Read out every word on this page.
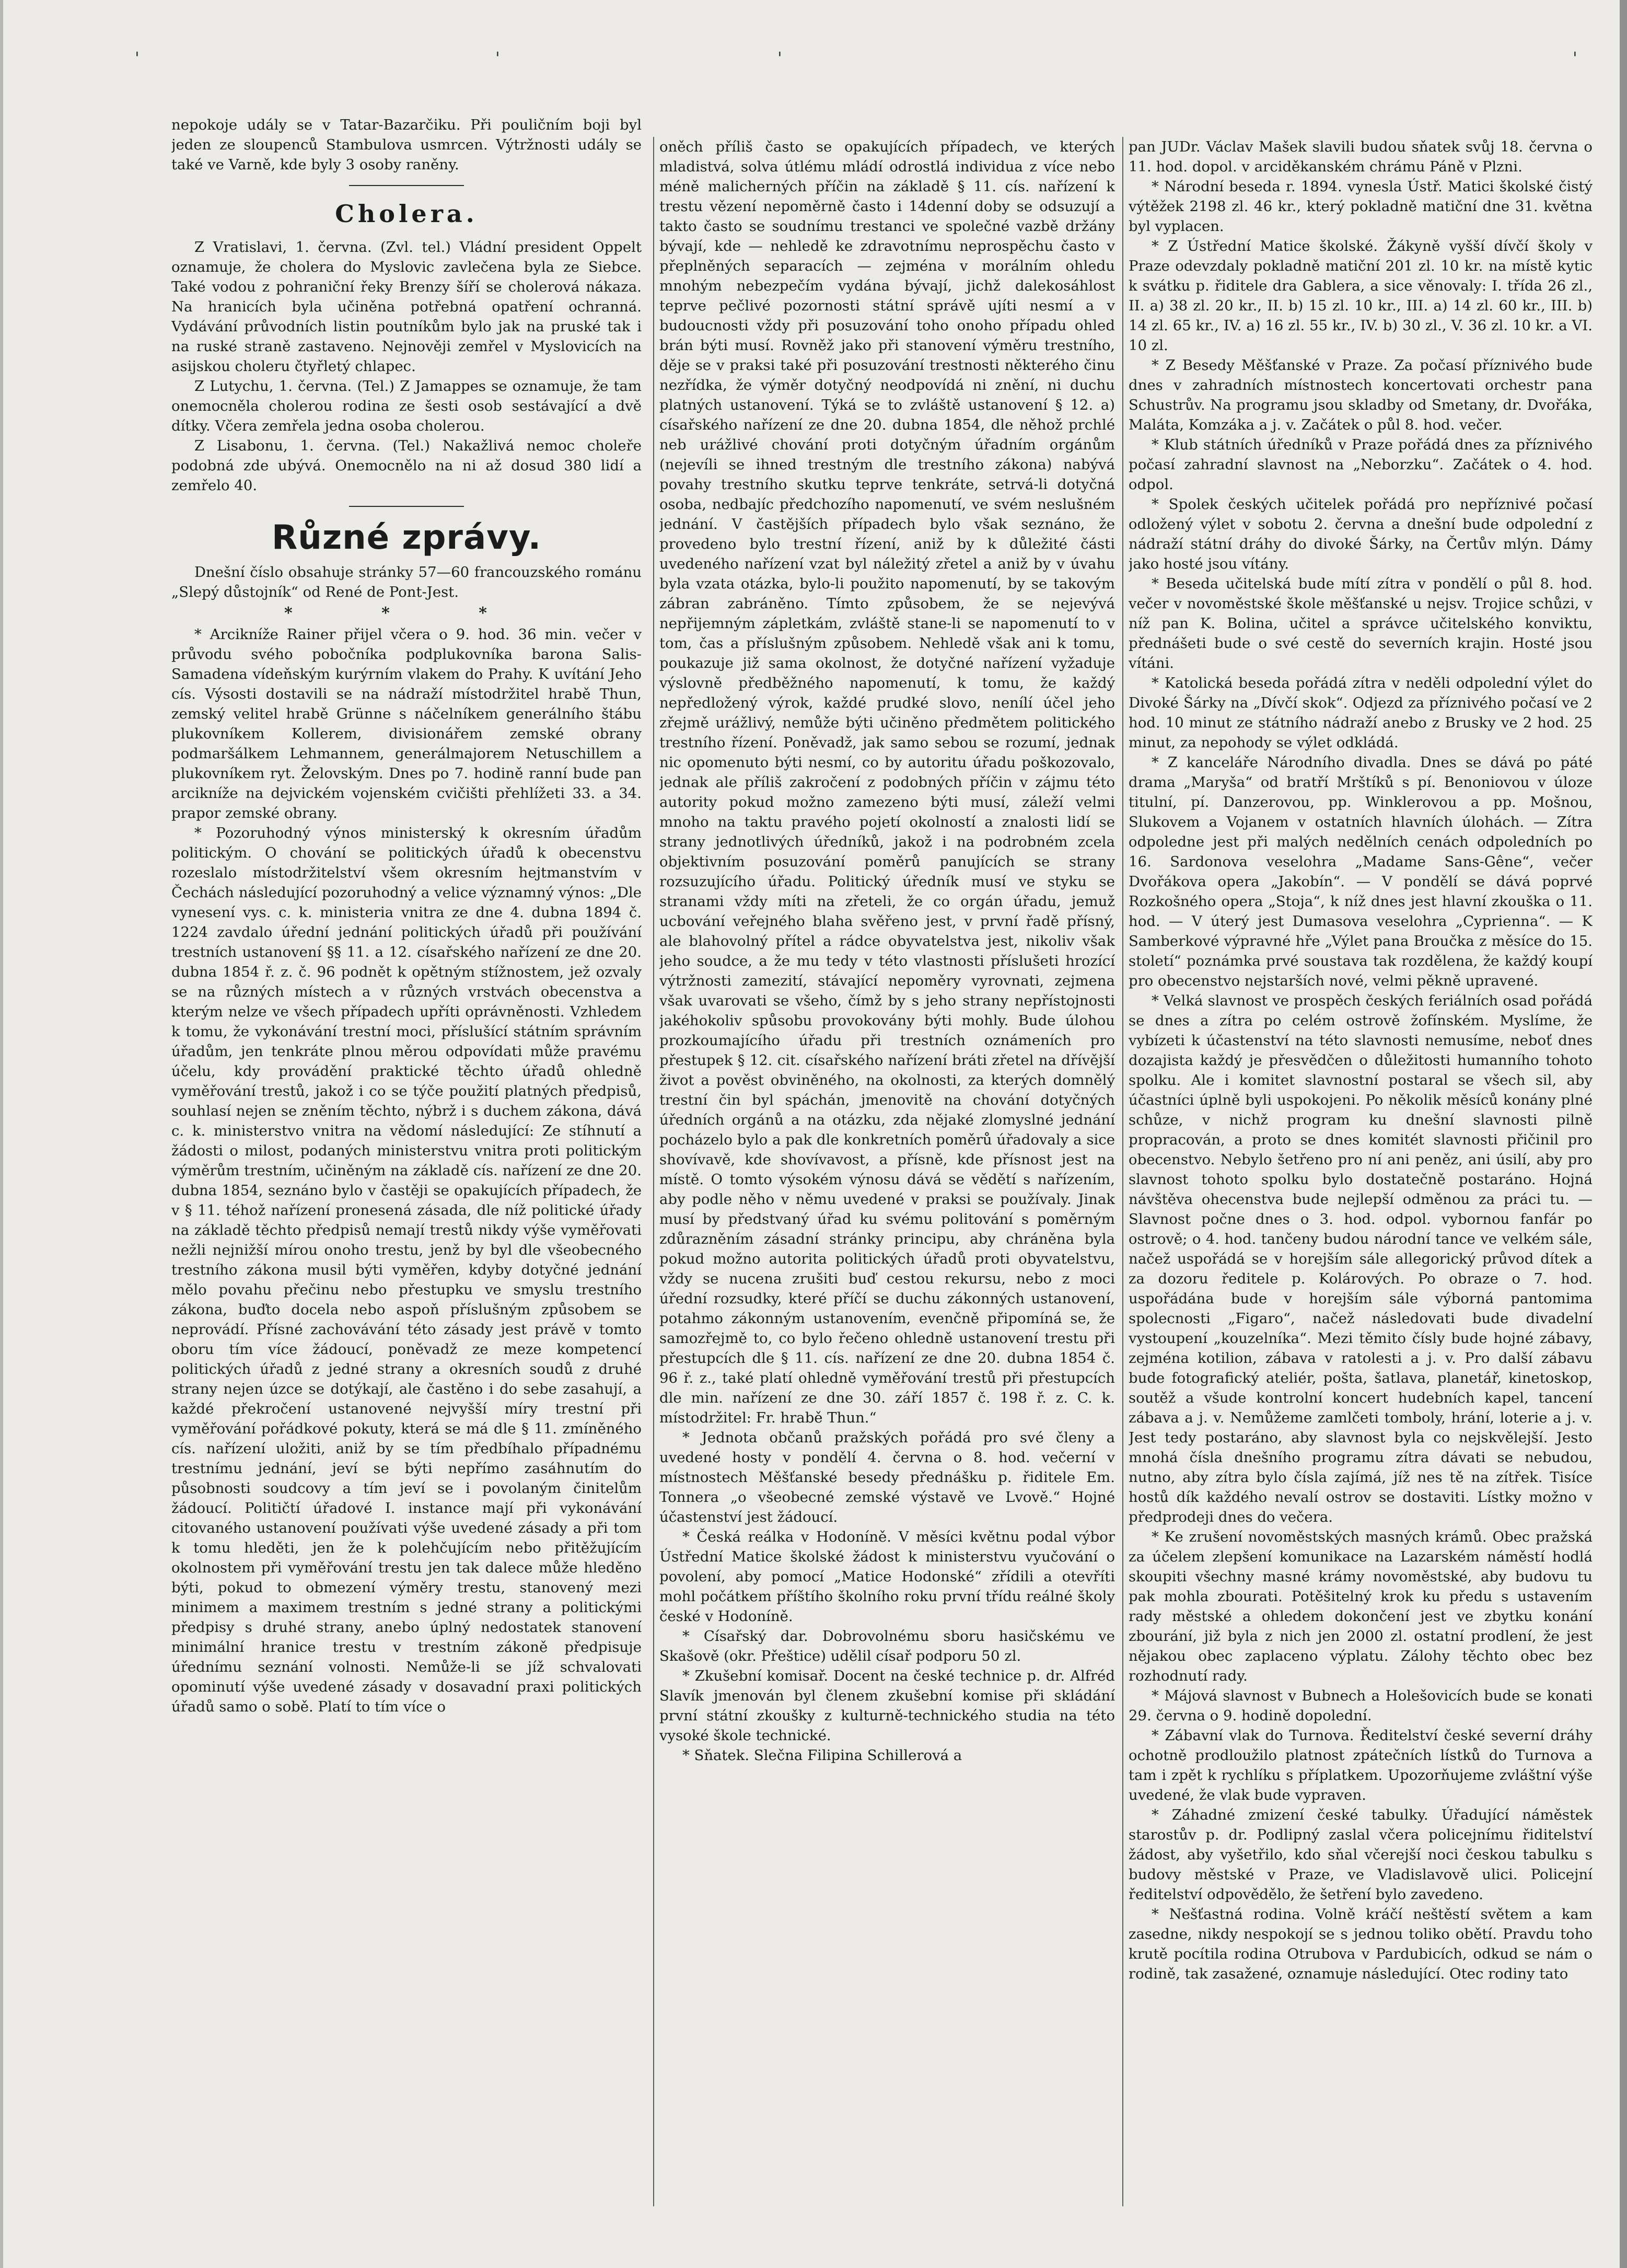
'	'	'	'

nepokoje udály se v Tatar-Bazarčiku. Při pouličním boji byl jeden ze sloupenců Stambulova usmrcen. Výtržnosti udály se také ve Varně, kde byly 3 osoby raněny.

Cholera.

Z Vratislavi, 1. června. (Zvl. tel.) Vládní president Oppelt oznamuje, že cholera do Myslovic zavlečena byla ze Siebce. Také vodou z pohraniční řeky Brenzy šíří se cholerová nákaza. Na hranicích byla učiněna potřebná opatření ochranná. Vydávání průvodních listin poutníkům bylo jak na pruské tak i na ruské straně zastaveno. Nejnověji zemřel v Myslovicích na asijskou choleru čtyřletý chlapec.

Z Lutychu, 1. června. (Tel.) Z Jamappes se oznamuje, že tam onemocněla cholerou rodina ze šesti osob sestávající a dvě dítky. Včera zemřela jedna osoba cholerou.

Z Lisabonu, 1. června. (Tel.) Nakažlivá nemoc choleře podobná zde ubývá. Onemocnělo na ni až dosud 380 lidí a zemřelo 40.

Různé zprávy.

Dnešní číslo obsahuje stránky 57—60 francouzského románu „Slepý důstojník“ od René de Pont-Jest.

* * *

* Arcikníže Rainer přijel včera o 9. hod. 36 min. večer v průvodu svého pobočníka podplukovníka barona Salis-Samadena vídeňským kurýrním vlakem do Prahy. K uvítání Jeho cís. Výsosti dostavili se na nádraží místodržitel hrabě Thun, zemský velitel hrabě Grünne s náčelníkem generálního štábu plukovníkem Kollerem, divisionářem zemské obrany podmaršálkem Lehmannem, generálmajorem Netuschillem a plukovníkem ryt. Želovským. Dnes po 7. hodině ranní bude pan arcikníže na dejvickém vojenském cvičišti přehlížeti 33. a 34. prapor zemské obrany.

* Pozoruhodný výnos ministerský k okresním úřadům politickým. O chování se politických úřadů k obecenstvu rozeslalo místodržitelství všem okresním hejtmanstvím v Čechách následující pozoruhodný a velice významný výnos: „Dle vynesení vys. c. k. ministeria vnitra ze dne 4. dubna 1894 č. 1224 zavdalo úřední jednání politických úřadů při používání trestních ustanovení §§ 11. a 12. císařského nařízení ze dne 20. dubna 1854 ř. z. č. 96 podnět k opětným stížnostem, jež ozvaly se na různých místech a v různých vrstvách obecenstva a kterým nelze ve všech případech upříti oprávněnosti. Vzhledem k tomu, že vykonávání trestní moci, příslušící státním správním úřadům, jen tenkráte plnou měrou odpovídati může pravému účelu, kdy provádění praktické těchto úřadů ohledně vyměřování trestů, jakož i co se týče použití platných předpisů, souhlasí nejen se zněním těchto, nýbrž i s duchem zákona, dává c. k. ministerstvo vnitra na vědomí následující: Ze stíhnutí a žádosti o milost, podaných ministerstvu vnitra proti politickým výměrům trestním, učiněným na základě cís. nařízení ze dne 20. dubna 1854, seznáno bylo v častěji se opakujících případech, že v § 11. téhož nařízení pronesená zásada, dle níž politické úřady na základě těchto předpisů nemají trestů nikdy výše vyměřovati nežli nejnižší mírou onoho trestu, jenž by byl dle všeobecného trestního zákona musil býti vyměřen, kdyby dotyčné jednání mělo povahu přečinu nebo přestupku ve smyslu trestního zákona, buďto docela nebo aspoň příslušným způsobem se neprovádí. Přísné zachovávání této zásady jest právě v tomto oboru tím více žádoucí, poněvadž ze meze kompetencí politických úřadů z jedné strany a okresních soudů z druhé strany nejen úzce se dotýkají, ale častěno i do sebe zasahují, a každé překročení ustanovené nejvyšší míry trestní při vyměřování pořádkové pokuty, která se má dle § 11. zmíněného cís. nařízení uložiti, aniž by se tím předbíhalo případnému trestnímu jednání, jeví se býti nepřímo zasáhnutím do působnosti soudcovy a tím jeví se i povolaným činitelům žádoucí. Političtí úřadové I. instance mají při vykonávání citovaného ustanovení používati výše uvedené zásady a při tom k tomu hleděti, jen že k polehčujícím nebo přitěžujícím okolnostem při vyměřování trestu jen tak dalece může hleděno býti, pokud to obmezení výměry trestu, stanovený mezi minimem a maximem trestním s jedné strany a politickými předpisy s druhé strany, anebo úplný nedostatek stanovení minimální hranice trestu v trestním zákoně předpisuje úřednímu seznání volnosti. Nemůže-li se jíž schvalovati opominutí výše uvedené zásady v dosavadní praxi politických úřadů samo o sobě. Platí to tím více o

oněch příliš často se opakujících případech, ve kterých mladistvá, solva útlému mládí odrostlá individua z více nebo méně malicherných příčin na základě § 11. cís. nařízení k trestu vězení nepoměrně často i 14denní doby se odsuzují a takto často se soudnímu trestanci ve společné vazbě držány bývají, kde — nehledě ke zdravotnímu neprospěchu často v přeplněných separacích — zejména v morálním ohledu mnohým nebezpečím vydána bývají, jichž dalekosáhlost teprve pečlivé pozornosti státní správě ujíti nesmí a v budoucnosti vždy při posuzování toho onoho případu ohled brán býti musí. Rovněž jako při stanovení výměru trestního, děje se v praksi také při posuzování trestnosti některého činu nezřídka, že výměr dotyčný neodpovídá ni znění, ni duchu platných ustanovení. Týká se to zvláště ustanovení § 12. a) císařského nařízení ze dne 20. dubna 1854, dle něhož prchlé neb urážlivé chování proti dotyčným úřadním orgánům (nejevíli se ihned trestným dle trestního zákona) nabývá povahy trestního skutku teprve tenkráte, setrvá-li dotyčná osoba, nedbajíc předchozího napomenutí, ve svém neslušném jednání. V častějších případech bylo však seznáno, že provedeno bylo trestní řízení, aniž by k důležité části uvedeného nařízení vzat byl náležitý zřetel a aniž by v úvahu byla vzata otázka, bylo-li použito napomenutí, by se takovým zábran zabráněno. Tímto způsobem, že se nejevývá nepřijemným zápletkám, zvláště stane-li se napomenutí to v tom, čas a příslušným způsobem. Nehledě však ani k tomu, poukazuje již sama okolnost, že dotyčné nařízení vyžaduje výslovně předběžného napomenutí, k tomu, že každý nepředložený výrok, každé prudké slovo, nenílí účel jeho zřejmě urážlivý, nemůže býti učiněno předmětem politického trestního řízení. Poněvadž, jak samo sebou se rozumí, jednak nic opomenuto býti nesmí, co by autoritu úřadu poškozovalo, jednak ale příliš zakročení z podobných příčin v zájmu této autority pokud možno zamezeno býti musí, záleží velmi mnoho na taktu pravého pojetí okolností a znalosti lidí se strany jednotlivých úředníků, jakož i na podrobném zcela objektivním posuzování poměrů panujících se strany rozsuzujícího úřadu. Politický úředník musí ve styku se stranami vždy míti na zřeteli, že co orgán úřadu, jemuž ucbování veřejného blaha svěřeno jest, v první řadě přísný, ale blahovolný přítel a rádce obyvatelstva jest, nikoliv však jeho soudce, a že mu tedy v této vlastnosti příslušeti hrozící výtržnosti zamezití, stávající nepoměry vyrovnati, zejmena však uvarovati se všeho, čímž by s jeho strany nepřístojnosti jakéhokoliv spůsobu provokovány býti mohly. Bude úlohou prozkoumajícího úřadu při trestních oznámeních pro přestupek § 12. cit. císařského nařízení bráti zřetel na dřívější život a pověst obviněného, na okolnosti, za kterých domnělý trestní čin byl spáchán, jmenovitě na chování dotyčných úředních orgánů a na otázku, zda nějaké zlomyslné jednání pocházelo bylo a pak dle konkretních poměrů úřadovaly a sice shovívavě, kde shovívavost, a přísně, kde přísnost jest na místě. O tomto výsokém výnosu dává se vědětí s nařízením, aby podle něho v němu uvedené v praksi se používaly. Jinak musí by předstvaný úřad ku svému politování s poměrným zdůrazněním zásadní stránky principu, aby chráněna byla pokud možno autorita politických úřadů proti obyvatelstvu, vždy se nucena zrušiti buď cestou rekursu, nebo z moci úřední rozsudky, které příčí se duchu zákonných ustanovení, potahmo zákonným ustanovením, evenčně připomíná se, že samozřejmě to, co bylo řečeno ohledně ustanovení trestu při přestupcích dle § 11. cís. nařízení ze dne 20. dubna 1854 č. 96 ř. z., také platí ohledně vyměřování trestů při přestupcích dle min. nařízení ze dne 30. září 1857 č. 198 ř. z. C. k. místodržitel: Fr. hrabě Thun.“

* Jednota občanů pražských pořádá pro své členy a uvedené hosty v pondělí 4. června o 8. hod. večerní v místnostech Měšťanské besedy přednášku p. řiditele Em. Tonnera „o všeobecné zemské výstavě ve Lvově.“ Hojné účastenství jest žádoucí.

* Česká reálka v Hodoníně. V měsíci květnu podal výbor Ústřední Matice školské žádost k ministerstvu vyučování o povolení, aby pomocí „Matice Hodonské“ zřídili a otevříti mohl počátkem příštího školního roku první třídu reálné školy české v Hodoníně.

* Císařský dar. Dobrovolnému sboru hasičskému ve Skašově (okr. Přeštice) udělil císař podporu 50 zl.

* Zkušební komisař. Docent na české technice p. dr. Alfréd Slavík jmenován byl členem zkušební komise při skládání první státní zkoušky z kulturně-technického studia na této vysoké škole technické.

* Sňatek. Slečna Filipina Schillerová a

pan JUDr. Václav Mašek slavili budou sňatek svůj 18. června o 11. hod. dopol. v arciděkanském chrámu Páně v Plzni.

* Národní beseda r. 1894. vynesla Ústř. Matici školské čistý výtěžek 2198 zl. 46 kr., který pokladně matiční dne 31. května byl vyplacen.

* Z Ústřední Matice školské. Žákyně vyšší dívčí školy v Praze odevzdaly pokladně matiční 201 zl. 10 kr. na místě kytic k svátku p. řiditele dra Gablera, a sice věnovaly: I. třída 26 zl., II. a) 38 zl. 20 kr., II. b) 15 zl. 10 kr., III. a) 14 zl. 60 kr., III. b) 14 zl. 65 kr., IV. a) 16 zl. 55 kr., IV. b) 30 zl., V. 36 zl. 10 kr. a VI. 10 zl.

* Z Besedy Měšťanské v Praze. Za počasí příznivého bude dnes v zahradních místnostech koncertovati orchestr pana Schustrův. Na programu jsou skladby od Smetany, dr. Dvořáka, Maláta, Komzáka a j. v. Začátek o půl 8. hod. večer.

* Klub státních úředníků v Praze pořádá dnes za příznivého počasí zahradní slavnost na „Neborzku“. Začátek o 4. hod. odpol.

* Spolek českých učitelek pořádá pro nepříznivé počasí odložený výlet v sobotu 2. června a dnešní bude odpolední z nádraží státní dráhy do divoké Šárky, na Čertův mlýn. Dámy jako hosté jsou vítány.

* Beseda učitelská bude mítí zítra v pondělí o půl 8. hod. večer v novoměstské škole měšťanské u nejsv. Trojice schůzi, v níž pan K. Bolina, učitel a správce učitelského konviktu, přednášeti bude o své cestě do severních krajin. Hosté jsou vítáni.

* Katolická beseda pořádá zítra v neděli odpolední výlet do Divoké Šárky na „Dívčí skok“. Odjezd za příznivého počasí ve 2 hod. 10 minut ze státního nádraží anebo z Brusky ve 2 hod. 25 minut, za nepohody se výlet odkládá.

* Z kanceláře Národního divadla. Dnes se dává po páté drama „Maryša“ od bratří Mrštíků s pí. Benoniovou v úloze titulní, pí. Danzerovou, pp. Winklerovou a pp. Mošnou, Slukovem a Vojanem v ostatních hlavních úlohách. — Zítra odpoledne jest při malých nedělních cenách odpoledních po 16. Sardonova veselohra „Madame Sans-Gêne“, večer Dvořákova opera „Jakobín“. — V pondělí se dává poprvé Rozkošného opera „Stoja“, k níž dnes jest hlavní zkouška o 11. hod. — V úterý jest Dumasova veselohra „Cyprienna“. — K Samberkové výpravné hře „Výlet pana Broučka z měsíce do 15. století“ poznámka prvé soustava tak rozdělena, že každý koupí pro obecenstvo nejstarších nové, velmi pěkně upravené.

* Velká slavnost ve prospěch českých feriálních osad pořádá se dnes a zítra po celém ostrově žofínském. Myslíme, že vybízeti k účastenství na této slavnosti nemusíme, neboť dnes dozajista každý je přesvědčen o důležitosti humanního tohoto spolku. Ale i komitet slavnostní postaral se všech sil, aby účastníci úplně byli uspokojeni. Po několik měsíců konány plné schůze, v nichž program ku dnešní slavnosti pilně propracován, a proto se dnes komitét slavnosti přičinil pro obecenstvo. Nebylo šetřeno pro ní ani peněz, ani úsilí, aby pro slavnost tohoto spolku bylo dostatečně postaráno. Hojná návštěva ohecenstva bude nejlepší odměnou za práci tu. — Slavnost počne dnes o 3. hod. odpol. vybornou fanfár po ostrově; o 4. hod. tančeny budou národní tance ve velkém sále, načež uspořádá se v horejším sále allegorický průvod dítek a za dozoru ředitele p. Kolárových. Po obraze o 7. hod. uspořádána bude v horejším sále výborná pantomima spolecnosti „Figaro“, načež následovati bude divadelní vystoupení „kouzelníka“. Mezi těmito čísly bude hojné zábavy, zejména kotilion, zábava v ratolesti a j. v. Pro další zábavu bude fotografický ateliér, pošta, šatlava, planetář, kinetoskop, soutěž a všude kontrolní koncert hudebních kapel, tancení zábava a j. v. Nemůžeme zamlčeti tomboly, hrání, loterie a j. v. Jest tedy postaráno, aby slavnost byla co nejskvělejší. Jesto mnohá čísla dnešního programu zítra dávati se nebudou, nutno, aby zítra bylo čísla zajímá, jíž nes tě na zítřek. Tisíce hostů dík každého nevalí ostrov se dostaviti. Lístky možno v předprodeji dnes do večera.

* Ke zrušení novoměstských masných krámů. Obec pražská za účelem zlepšení komunikace na Lazarském náměstí hodlá skoupiti všechny masné krámy novoměstské, aby budovu tu pak mohla zbourati. Potěšitelný krok ku předu s ustavením rady městské a ohledem dokončení jest ve zbytku konání zbourání, již byla z nich jen 2000 zl. ostatní prodlení, že jest nějakou obec zaplaceno výplatu. Zálohy těchto obec bez rozhodnutí rady.

* Májová slavnost v Bubnech a Holešovicích bude se konati 29. června o 9. hodině dopolední.

* Zábavní vlak do Turnova. Ředitelství české severní dráhy ochotně prodloužilo platnost zpátečních lístků do Turnova a tam i zpět k rychlíku s příplatkem. Upozorňujeme zvláštní výše uvedené, že vlak bude vypraven.

* Záhadné zmizení české tabulky. Úřadující náměstek starostův p. dr. Podlipný zaslal včera policejnímu řiditelství žádost, aby vyšetřilo, kdo sňal včerejší noci českou tabulku s budovy městské v Praze, ve Vladislavově ulici. Policejní ředitelství odpovědělo, že šetření bylo zavedeno.

* Nešťastná rodina. Volně kráčí neštěstí světem a kam zasedne, nikdy nespokojí se s jednou toliko obětí. Pravdu toho krutě pocítila rodina Otrubova v Pardubicích, odkud se nám o rodině, tak zasažené, oznamuje následující. Otec rodiny tato
